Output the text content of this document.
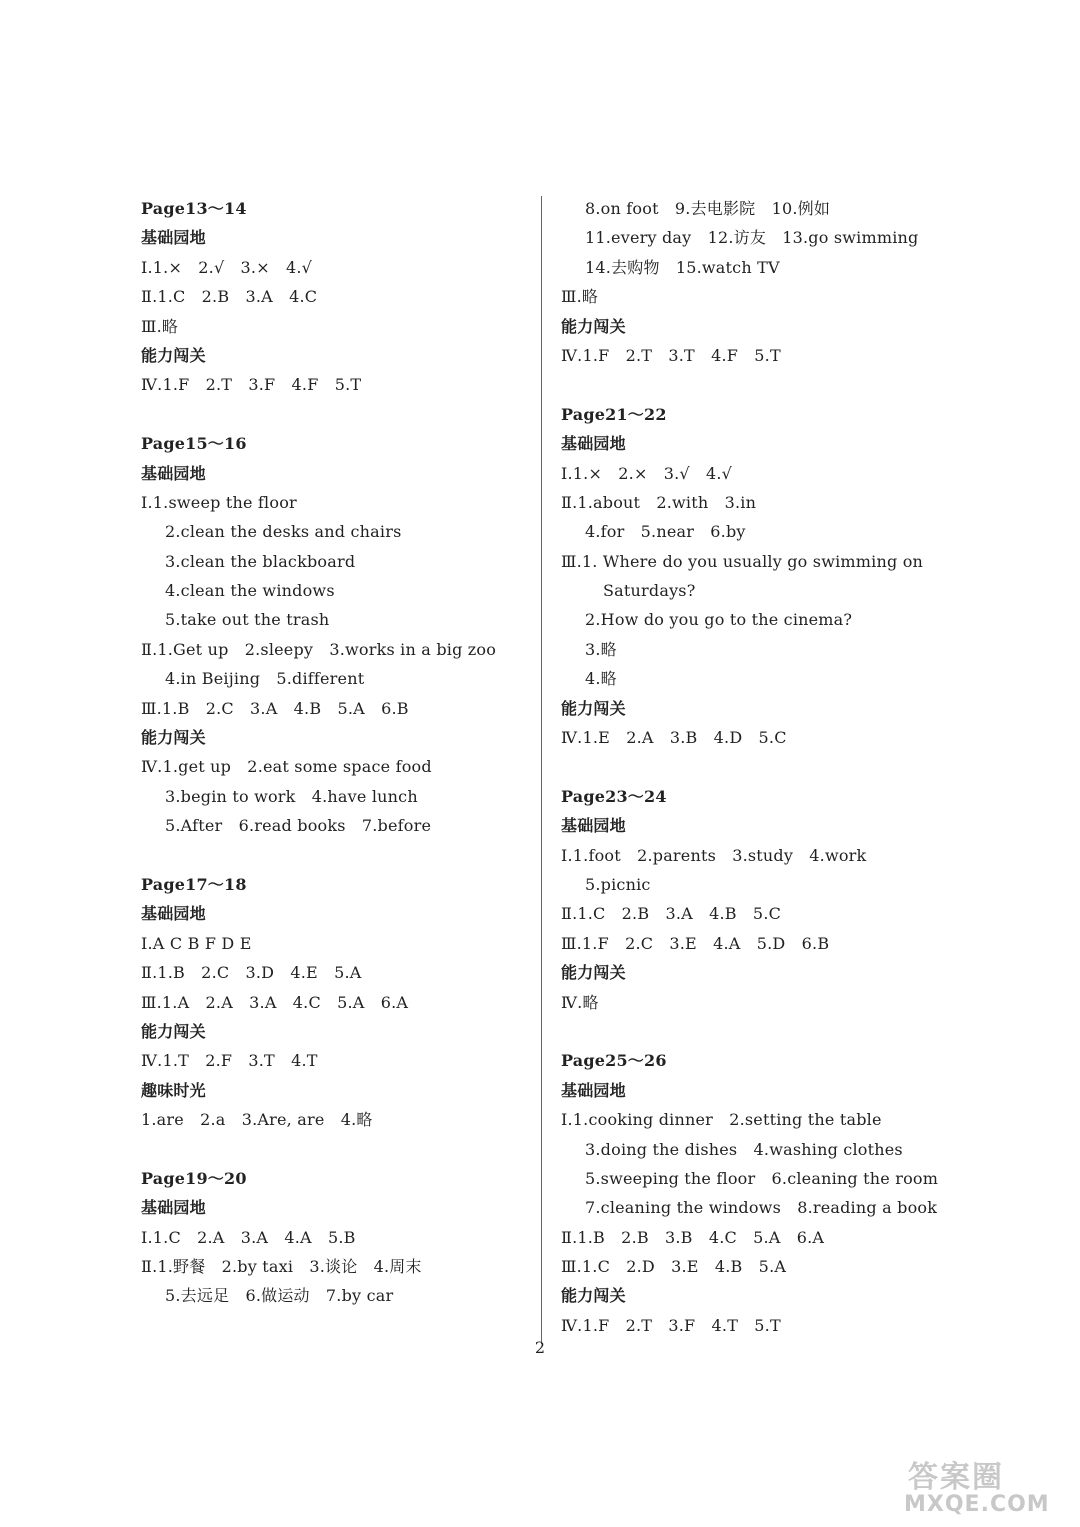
Page13～14
基础园地
Ⅰ.1.×　2.√　3.×　4.√
Ⅱ.1.C　2.B　3.A　4.C
Ⅲ.略
能力闯关
Ⅳ.1.F　2.T　3.F　4.F　5.T
Page15～16
基础园地
Ⅰ.1.sweep the floor
2.clean the desks and chairs
3.clean the blackboard
4.clean the windows
5.take out the trash
Ⅱ.1.Get up　2.sleepy　3.works in a big zoo
4.in Beijing　5.different
Ⅲ.1.B　2.C　3.A　4.B　5.A　6.B
能力闯关
Ⅳ.1.get up　2.eat some space food
3.begin to work　4.have lunch
5.After　6.read books　7.before
Page17～18
基础园地
Ⅰ.A C B F D E
Ⅱ.1.B　2.C　3.D　4.E　5.A
Ⅲ.1.A　2.A　3.A　4.C　5.A　6.A
能力闯关
Ⅳ.1.T　2.F　3.T　4.T
趣味时光
1.are　2.a　3.Are, are　4.略
Page19～20
基础园地
Ⅰ.1.C　2.A　3.A　4.A　5.B
Ⅱ.1.野餐　2.by taxi　3.谈论　4.周末
5.去远足　6.做运动　7.by car
8.on foot　9.去电影院　10.例如
11.every day　12.访友　13.go swimming
14.去购物　15.watch TV
Ⅲ.略
能力闯关
Ⅳ.1.F　2.T　3.T　4.F　5.T
Page21～22
基础园地
Ⅰ.1.×　2.×　3.√　4.√
Ⅱ.1.about　2.with　3.in
4.for　5.near　6.by
Ⅲ.1. Where do you usually go swimming on
Saturdays?
2.How do you go to the cinema?
3.略
4.略
能力闯关
Ⅳ.1.E　2.A　3.B　4.D　5.C
Page23～24
基础园地
Ⅰ.1.foot　2.parents　3.study　4.work
5.picnic
Ⅱ.1.C　2.B　3.A　4.B　5.C
Ⅲ.1.F　2.C　3.E　4.A　5.D　6.B
能力闯关
Ⅳ.略
Page25～26
基础园地
Ⅰ.1.cooking dinner　2.setting the table
3.doing the dishes　4.washing clothes
5.sweeping the floor　6.cleaning the room
7.cleaning the windows　8.reading a book
Ⅱ.1.B　2.B　3.B　4.C　5.A　6.A
Ⅲ.1.C　2.D　3.E　4.B　5.A
能力闯关
Ⅳ.1.F　2.T　3.F　4.T　5.T
2
答案圈
MXQE.COM
